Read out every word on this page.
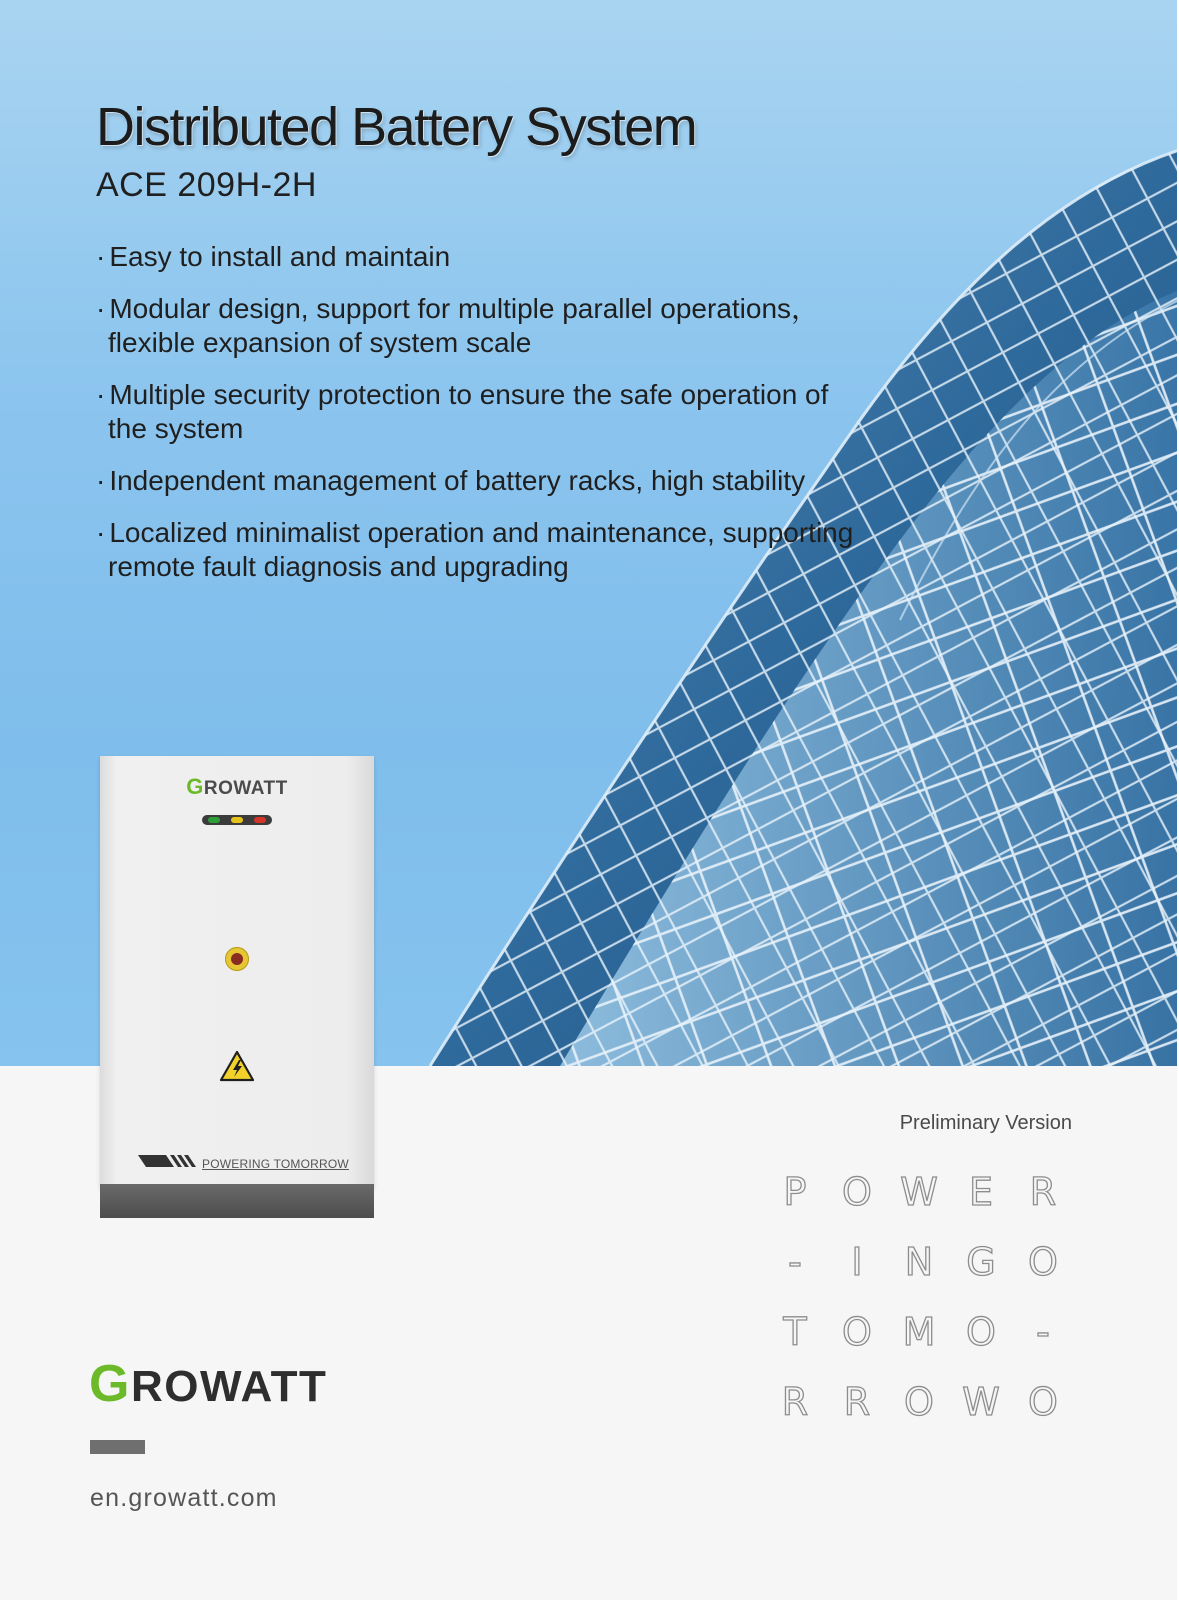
Distributed Battery System
ACE 209H-2H
· Easy to install and maintain
· Modular design, support for multiple parallel operations， flexible expansion of system scale
· Multiple security protection to ensure the safe operation of the system
· Independent management of battery racks, high stability
· Localized minimalist operation and maintenance, supporting remote fault diagnosis and upgrading
GROWATT
POWERING TOMORROW
Preliminary Version
P O W E R
-	I	N G O
T O M O	-
R R O W O
GROWATT
en.growatt.com
